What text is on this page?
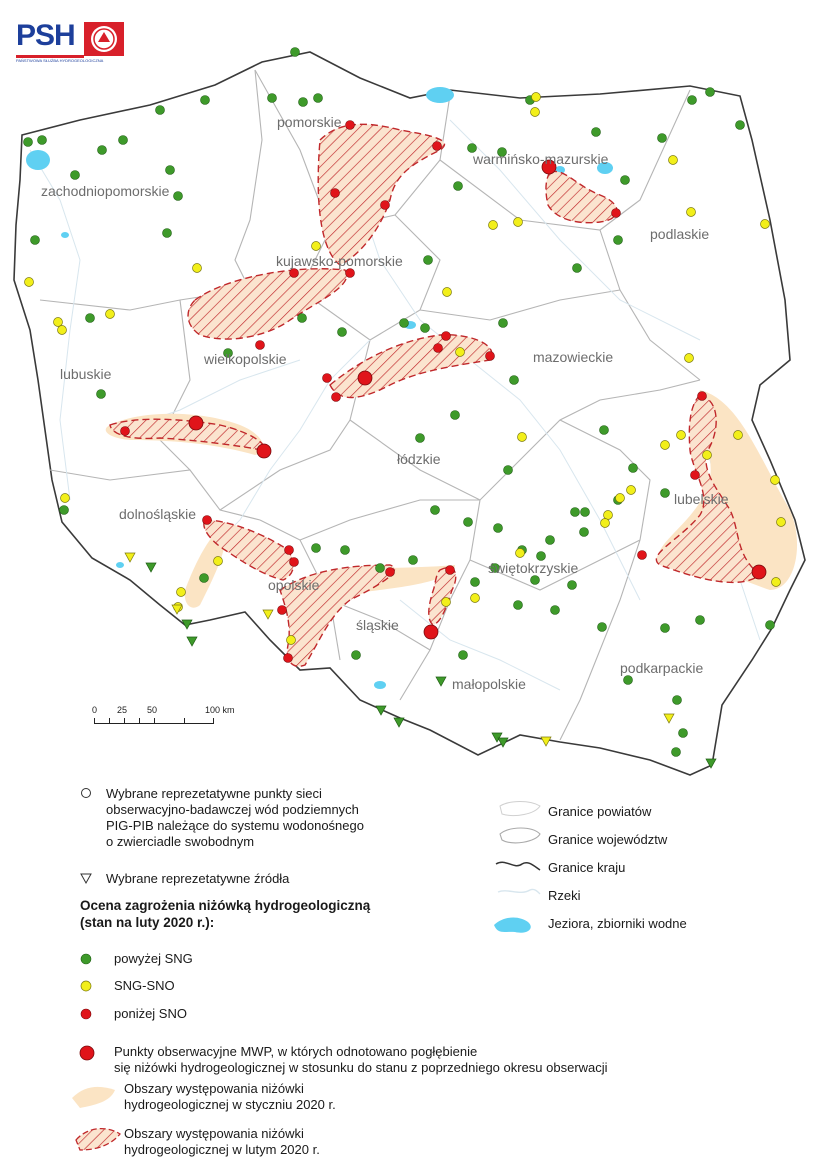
PSH
PAŃSTWOWA SŁUŻBA HYDROGEOLOGICZNA
pomorskie
warmińsko-mazurskie
zachodniopomorskie
podlaskie
kujawsko-pomorskie
wielkopolskie
lubuskie
mazowieckie
łódzkie
lubelskie
dolnośląskie
świętokrzyskie
opolskie
śląskie
małopolskie
podkarpackie
0 25 50	100 km
Wybrane reprezetatywne punkty sieci
obserwacyjno-badawczej wód podziemnych
PIG-PIB należące do systemu wodonośnego
o zwierciadle swobodnym
Wybrane reprezetatywne źródła
Ocena zagrożenia niżówką hydrogeologiczną
(stan na luty 2020 r.):
powyżej SNG
SNG-SNO
poniżej SNO
Punkty obserwacyjne MWP, w których odnotowano pogłębienie
się niżówki hydrogeologicznej w stosunku do stanu z poprzedniego okresu obserwacji
Obszary występowania niżówki
hydrogeologicznej w styczniu 2020 r.
Obszary występowania niżówki
hydrogeologicznej w lutym 2020 r.
Granice powiatów
Granice województw
Granice kraju
Rzeki
Jeziora, zbiorniki wodne
